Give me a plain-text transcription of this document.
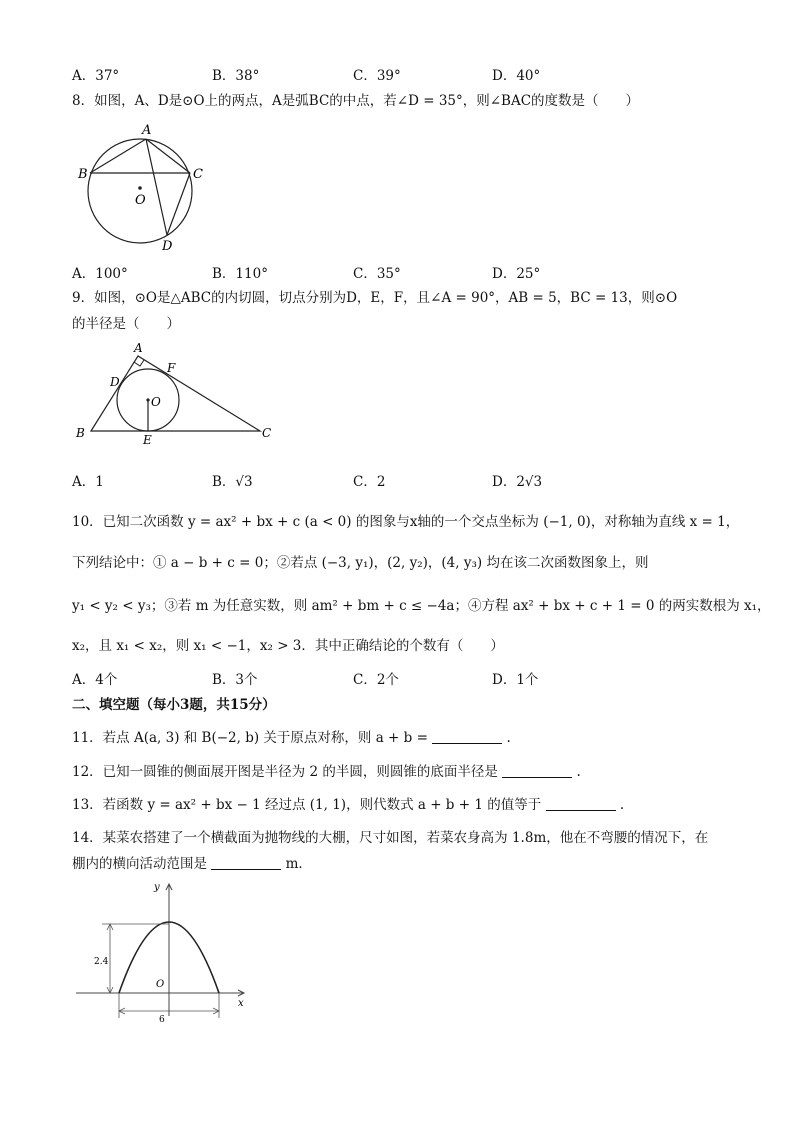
A．37°	B．38°	C．39°	D．40°
8．如图，A、D是⊙O上的两点，A是弧BC的中点，若∠D = 35°，则∠BAC的度数是（　　）
A
B	C
O
D
A．100°	B．110°	C．35°	D．25°
9．如图，⊙O是△ABC的内切圆，切点分别为D，E，F，且∠A = 90°，AB = 5，BC = 13，则⊙O
的半径是（　　）
A
F
D
O
B	E	C
A．1	B．√3	C．2	D．2√3
10．已知二次函数 y = ax² + bx + c (a < 0) 的图象与x轴的一个交点坐标为 (−1, 0)，对称轴为直线 x = 1，
下列结论中：① a − b + c = 0；②若点 (−3, y₁)，(2, y₂)，(4, y₃) 均在该二次函数图象上，则
y₁ < y₂ < y₃；③若 m 为任意实数，则 am² + bm + c ≤ −4a；④方程 ax² + bx + c + 1 = 0 的两实数根为 x₁，
x₂，且 x₁ < x₂，则 x₁ < −1，x₂ > 3．其中正确结论的个数有（　　）
A．4个	B．3个	C．2个	D．1个
二、填空题（每小3题，共15分）
11．若点 A(a, 3) 和 B(−2, b) 关于原点对称，则 a + b =	.
12．已知一圆锥的侧面展开图是半径为 2 的半圆，则圆锥的底面半径是	.
13．若函数 y = ax² + bx − 1 经过点 (1, 1)，则代数式 a + b + 1 的值等于	.
14．某菜农搭建了一个横截面为抛物线的大棚，尺寸如图，若菜农身高为 1.8m，他在不弯腰的情况下，在
棚内的横向活动范围是	m．
2.4
6
y
x
O
